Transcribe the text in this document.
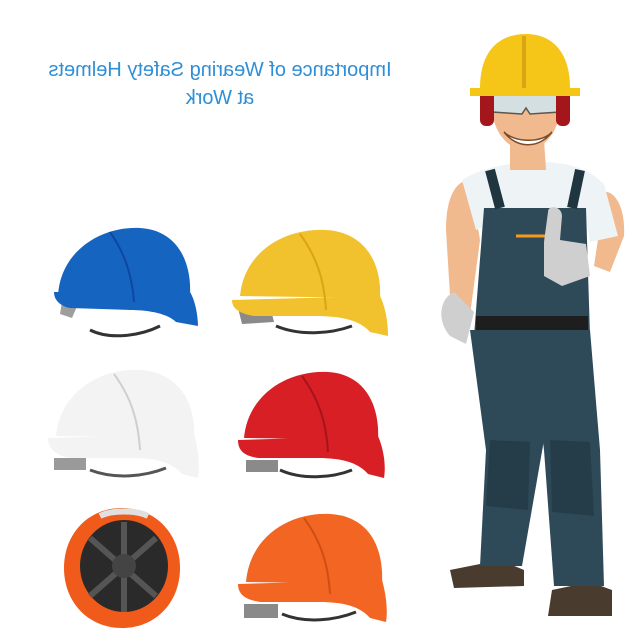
Importance of Wearing Safety Helmets
at Work
